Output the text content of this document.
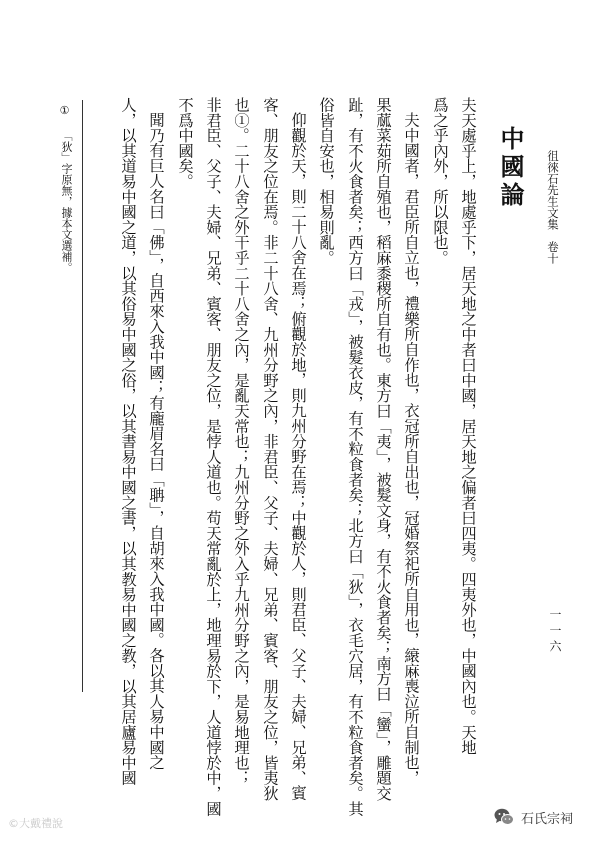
徂徠石先生文集　卷十
中國論
一一六
夫天處乎上，地處乎下，居天地之中者曰中國，居天地之偏者曰四夷。四夷外也，中國內也。天地
爲之乎內外，所以限也。
夫中國者，君臣所自立也，禮樂所自作也，衣冠所自出也，冠婚祭祀所自用也，縗麻喪泣所自制也，
果蓏菜茹所自殖也，稻麻黍稷所自有也。東方曰「夷」，被髮文身，有不火食者矣；南方曰「蠻」，雕題交
趾，有不火食者矣；西方曰「戎」，被髮衣皮，有不粒食者矣；北方曰「狄」，衣毛穴居，有不粒食者矣。其
俗皆自安也，相易則亂。
仰觀於天，則二十八舍在焉；俯觀於地，則九州分野在焉；中觀於人，則君臣、父子、夫婦、兄弟、賓
客、朋友之位在焉。非二十八舍、九州分野之內，非君臣、父子、夫婦、兄弟、賓客、朋友之位，皆夷狄
也①。二十八舍之外干乎二十八舍之內，是亂天常也；九州分野之外入乎九州分野之內，是易地理也；
非君臣、父子、夫婦、兄弟、賓客、朋友之位，是悖人道也。苟天常亂於上，地理易於下，人道悖於中，國
不爲中國矣。
聞乃有巨人名曰「佛」，自西來入我中國；有龐眉名曰「聃」，自胡來入我中國。各以其人易中國之
人，以其道易中國之道，以其俗易中國之俗，以其書易中國之書，以其教易中國之教，以其居廬易中國
①
「狄」字原無，據本文選補。
©大戴禮說	石氏宗祠
